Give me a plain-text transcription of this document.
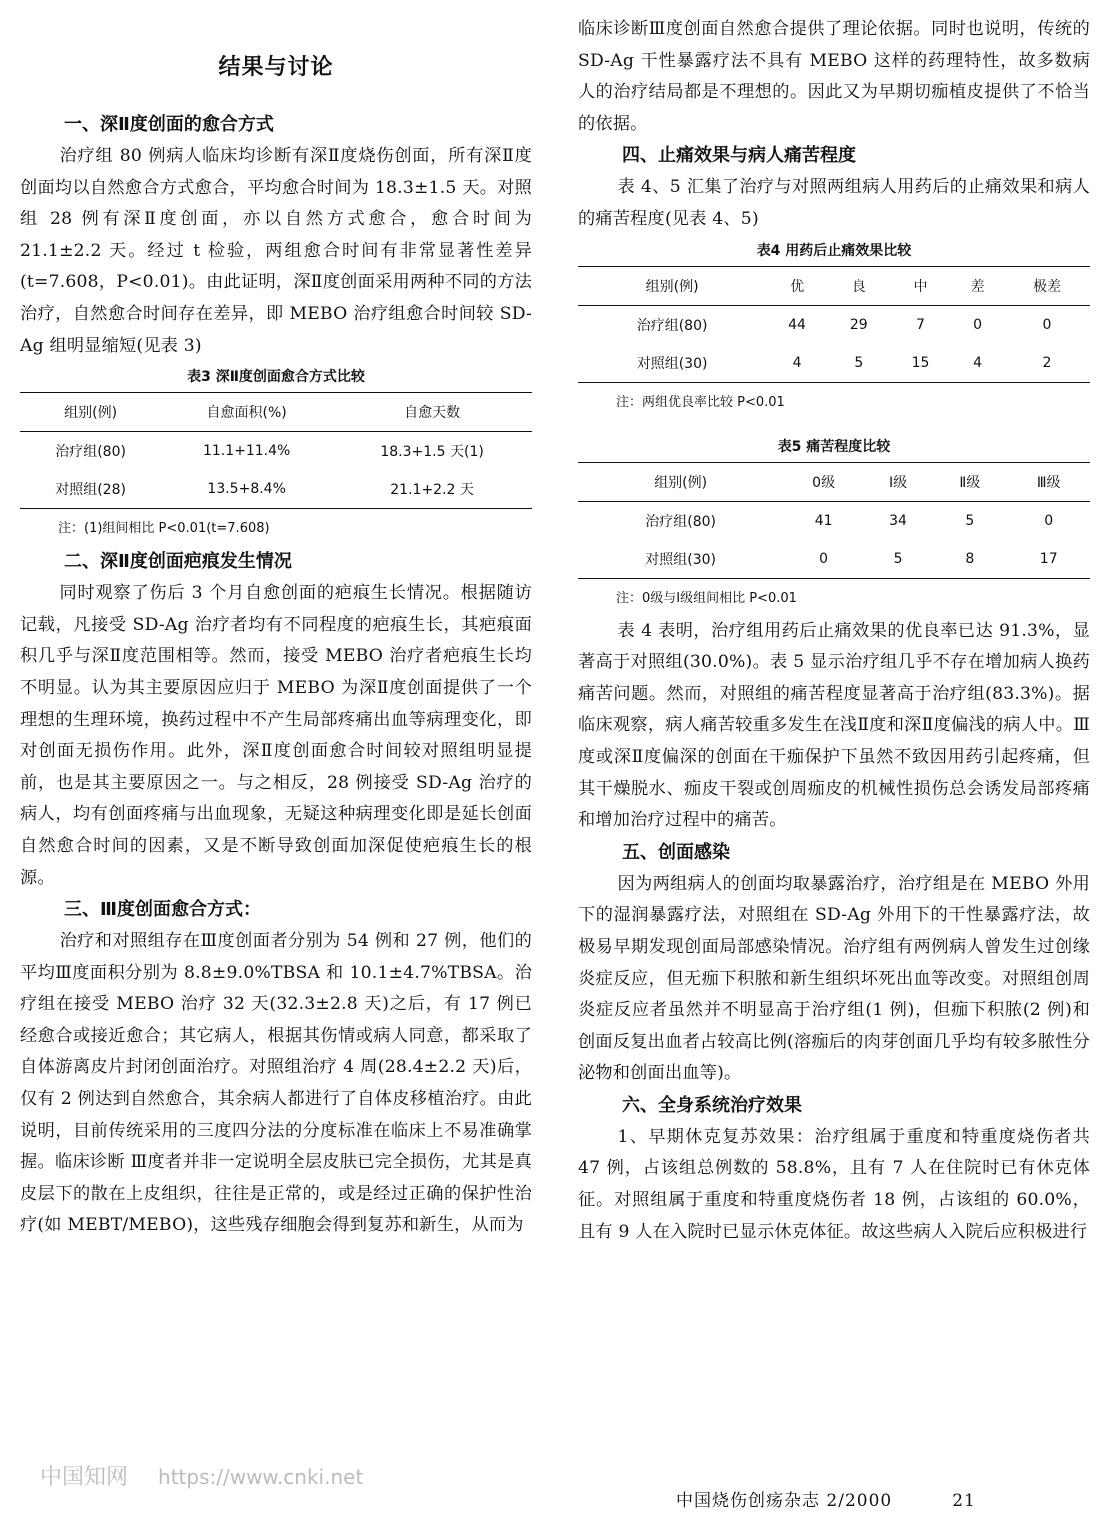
结果与讨论

一、深Ⅱ度创面的愈合方式

治疗组 80 例病人临床均诊断有深Ⅱ度烧伤创面，所有深Ⅱ度创面均以自然愈合方式愈合，平均愈合时间为 18.3±1.5 天。对照组 28 例有深Ⅱ度创面，亦以自然方式愈合，愈合时间为 21.1±2.2 天。经过 t 检验，两组愈合时间有非常显著性差异(t=7.608，P<0.01)。由此证明，深Ⅱ度创面采用两种不同的方法治疗，自然愈合时间存在差异，即 MEBO 治疗组愈合时间较 SD-Ag 组明显缩短(见表 3)

表3 深Ⅱ度创面愈合方式比较
组别(例)	自愈面积(%)	自愈天数
治疗组(80)	11.1+11.4%	18.3+1.5 天(1)
对照组(28)	13.5+8.4%	21.1+2.2 天
注：(1)组间相比 P<0.01(t=7.608)

二、深Ⅱ度创面疤痕发生情况

同时观察了伤后 3 个月自愈创面的疤痕生长情况。根据随访记载，凡接受 SD-Ag 治疗者均有不同程度的疤痕生长，其疤痕面积几乎与深Ⅱ度范围相等。然而，接受 MEBO 治疗者疤痕生长均不明显。认为其主要原因应归于 MEBO 为深Ⅱ度创面提供了一个理想的生理环境，换药过程中不产生局部疼痛出血等病理变化，即对创面无损伤作用。此外，深Ⅱ度创面愈合时间较对照组明显提前，也是其主要原因之一。与之相反，28 例接受 SD-Ag 治疗的病人，均有创面疼痛与出血现象，无疑这种病理变化即是延长创面自然愈合时间的因素，又是不断导致创面加深促使疤痕生长的根源。

三、Ⅲ度创面愈合方式：

治疗和对照组存在Ⅲ度创面者分别为 54 例和 27 例，他们的平均Ⅲ度面积分别为 8.8±9.0%TBSA 和 10.1±4.7%TBSA。治疗组在接受 MEBO 治疗 32 天(32.3±2.8 天)之后，有 17 例已经愈合或接近愈合；其它病人，根据其伤情或病人同意，都采取了自体游离皮片封闭创面治疗。对照组治疗 4 周(28.4±2.2 天)后，仅有 2 例达到自然愈合，其余病人都进行了自体皮移植治疗。由此说明，目前传统采用的三度四分法的分度标准在临床上不易准确掌握。临床诊断 Ⅲ度者并非一定说明全层皮肤已完全损伤，尤其是真皮层下的散在上皮组织，往往是正常的，或是经过正确的保护性治疗(如 MEBT/MEBO)，这些残存细胞会得到复苏和新生，从而为

临床诊断Ⅲ度创面自然愈合提供了理论依据。同时也说明，传统的 SD-Ag 干性暴露疗法不具有 MEBO 这样的药理特性，故多数病人的治疗结局都是不理想的。因此又为早期切痂植皮提供了不恰当的依据。

四、止痛效果与病人痛苦程度

表 4、5 汇集了治疗与对照两组病人用药后的止痛效果和病人的痛苦程度(见表 4、5)

表4 用药后止痛效果比较
组别(例)	优	良	中	差	极差
治疗组(80)	44	29	7	0	0
对照组(30)	4	5	15	4	2
注：两组优良率比较 P<0.01
表5 痛苦程度比较
组别(例)	0级	Ⅰ级	Ⅱ级	Ⅲ级
治疗组(80)	41	34	5	0
对照组(30)	0	5	8	17
注：0级与Ⅰ级组间相比 P<0.01

表 4 表明，治疗组用药后止痛效果的优良率已达 91.3%，显著高于对照组(30.0%)。表 5 显示治疗组几乎不存在增加病人换药痛苦问题。然而，对照组的痛苦程度显著高于治疗组(83.3%)。据临床观察，病人痛苦较重多发生在浅Ⅱ度和深Ⅱ度偏浅的病人中。Ⅲ度或深Ⅱ度偏深的创面在干痂保护下虽然不致因用药引起疼痛，但其干燥脱水、痂皮干裂或创周痂皮的机械性损伤总会诱发局部疼痛和增加治疗过程中的痛苦。

五、创面感染

因为两组病人的创面均取暴露治疗，治疗组是在 MEBO 外用下的湿润暴露疗法，对照组在 SD-Ag 外用下的干性暴露疗法，故极易早期发现创面局部感染情况。治疗组有两例病人曾发生过创缘炎症反应，但无痂下积脓和新生组织坏死出血等改变。对照组创周炎症反应者虽然并不明显高于治疗组(1 例)，但痂下积脓(2 例)和创面反复出血者占较高比例(溶痂后的肉芽创面几乎均有较多脓性分泌物和创面出血等)。

六、全身系统治疗效果

1、早期休克复苏效果：治疗组属于重度和特重度烧伤者共 47 例，占该组总例数的 58.8%，且有 7 人在住院时已有休克体征。对照组属于重度和特重度烧伤者 18 例，占该组的 60.0%，且有 9 人在入院时已显示休克体征。故这些病人入院后应积极进行

中国知网 https://www.cnki.net
中国烧伤创疡杂志 2/2000	21
